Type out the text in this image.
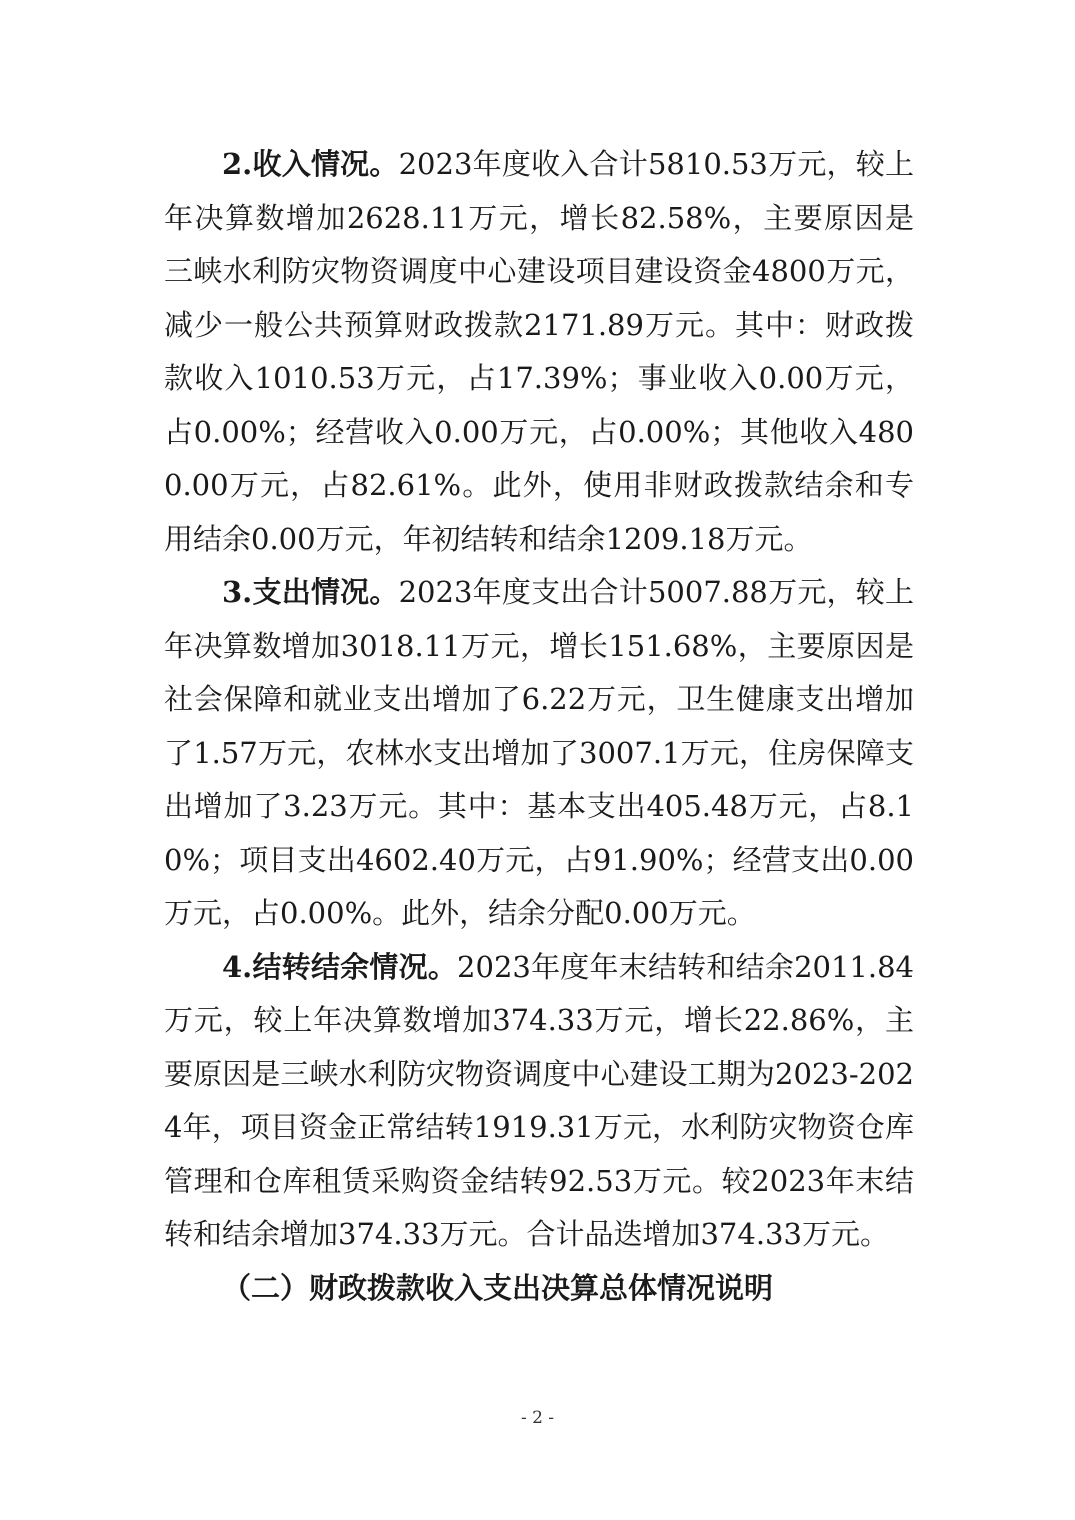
2.收入情况。2023年度收入合计5810.53万元，较上年决算数增加2628.11万元，增长82.58%，主要原因是三峡水利防灾物资调度中心建设项目建设资金4800万元，减少一般公共预算财政拨款2171.89万元。其中：财政拨款收入1010.53万元，占17.39%；事业收入0.00万元，占0.00%；经营收入0.00万元，占0.00%；其他收入4800.00万元，占82.61%。此外，使用非财政拨款结余和专用结余0.00万元，年初结转和结余1209.18万元。

3.支出情况。2023年度支出合计5007.88万元，较上年决算数增加3018.11万元，增长151.68%，主要原因是社会保障和就业支出增加了6.22万元，卫生健康支出增加了1.57万元，农林水支出增加了3007.1万元，住房保障支出增加了3.23万元。其中：基本支出405.48万元，占8.10%；项目支出4602.40万元，占91.90%；经营支出0.00万元，占0.00%。此外，结余分配0.00万元。

4.结转结余情况。2023年度年末结转和结余2011.84万元，较上年决算数增加374.33万元，增长22.86%，主要原因是三峡水利防灾物资调度中心建设工期为2023-2024年，项目资金正常结转1919.31万元，水利防灾物资仓库管理和仓库租赁采购资金结转92.53万元。较2023年末结转和结余增加374.33万元。合计品迭增加374.33万元。

（二）财政拨款收入支出决算总体情况说明

- 2 -
